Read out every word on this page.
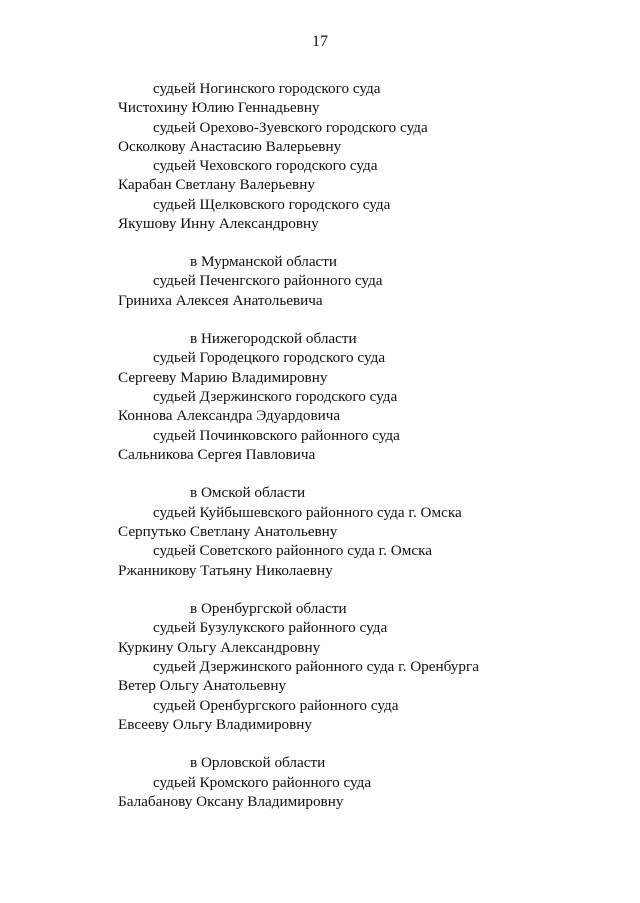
17
судьей Ногинского городского суда
Чистохину Юлию Геннадьевну
судьей Орехово-Зуевского городского суда
Осколкову Анастасию Валерьевну
судьей Чеховского городского суда
Карабан Светлану Валерьевну
судьей Щелковского городского суда
Якушову Инну Александровну
в Мурманской области
судьей Печенгского районного суда
Гриниха Алексея Анатольевича
в Нижегородской области
судьей Городецкого городского суда
Сергееву Марию Владимировну
судьей Дзержинского городского суда
Коннова Александра Эдуардовича
судьей Починковского районного суда
Сальникова Сергея Павловича
в Омской области
судьей Куйбышевского районного суда г. Омска
Серпутько Светлану Анатольевну
судьей Советского районного суда г. Омска
Ржанникову Татьяну Николаевну
в Оренбургской области
судьей Бузулукского районного суда
Куркину Ольгу Александровну
судьей Дзержинского районного суда г. Оренбурга
Ветер Ольгу Анатольевну
судьей Оренбургского районного суда
Евсееву Ольгу Владимировну
в Орловской области
судьей Кромского районного суда
Балабанову Оксану Владимировну
